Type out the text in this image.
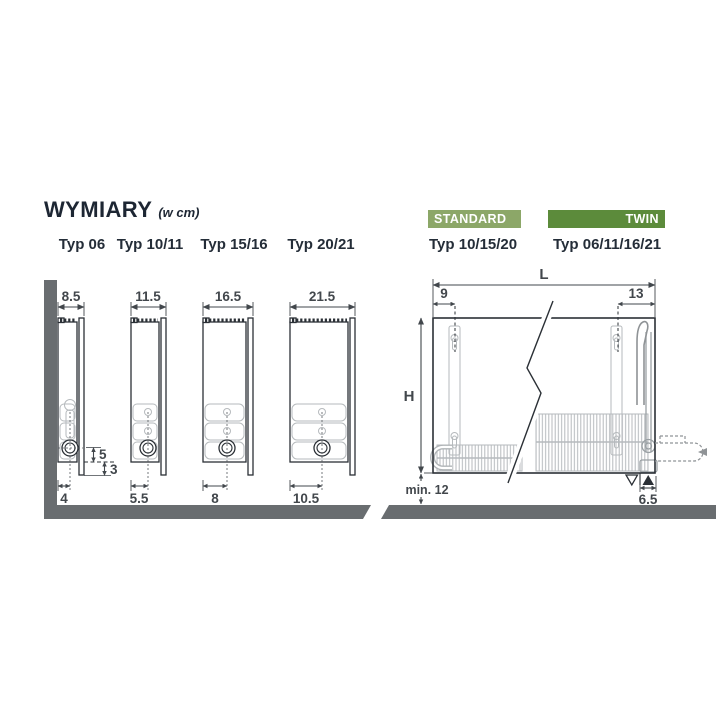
WYMIARY (w cm)
Typ 06 Typ 10/11 Typ 15/16 Typ 20/21
STANDARD	TWIN
Typ 10/15/20 Typ 06/11/16/21
8.5
4
5
3
11.5
5.5
16.5
8
21.5
10.5
L
9	13
H
min. 12
6.5
